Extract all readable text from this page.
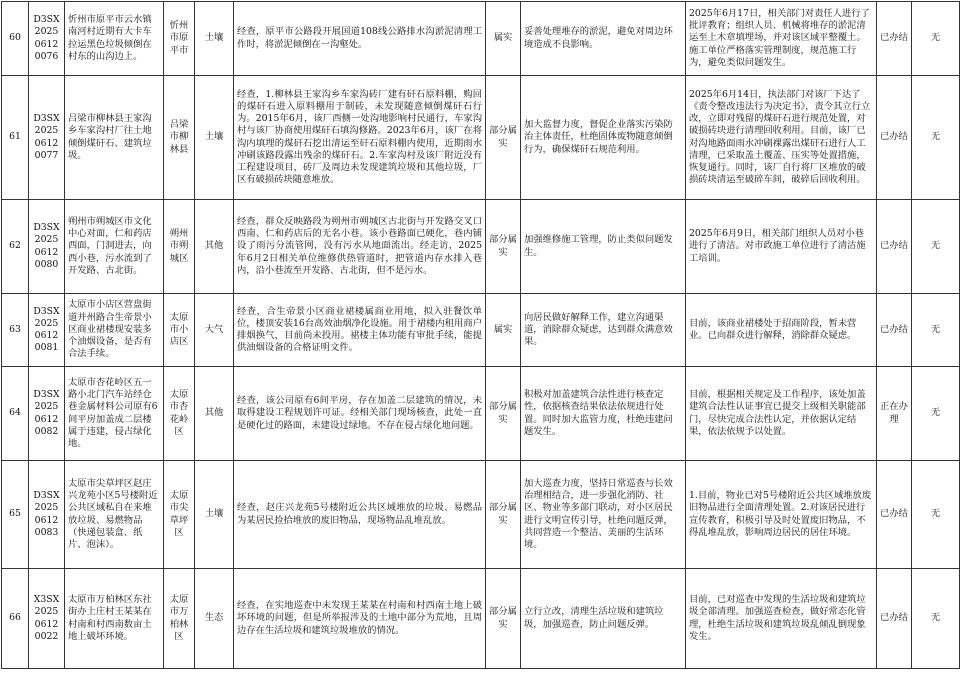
60	D3SX202506120076	忻州市原平市云水镇南河村近期有大卡车拉运黑色垃圾倾倒在村东的山沟边上。	忻州市原平市	土壤	经查，原平市公路段开展国道108线公路排水沟淤泥清理工作时，将淤泥倾倒在一沟壑处。	属实	妥善处理堆存的淤泥，避免对周边环境造成不良影响。	2025年6月17日，相关部门对责任人进行了批评教育；组织人员、机械将堆存的淤泥清运至上木章填埋场，并对该区域平整覆土。施工单位严格落实管理制度，规范施工行为，避免类似问题发生。	已办结	无
61	D3SX202506120077	吕梁市柳林县王家沟乡车家沟村厂往土地倾倒煤矸石、建筑垃圾。	吕梁市柳林县	土壤	经查，1.柳林县王家沟乡车家沟砖厂建有矸石原料棚，购回的煤矸石进入原料棚用于制砖，未发现随意倾倒煤矸石行为。2015年6月，该厂西侧一处沟地影响村民通行，车家沟村与该厂协商使用煤矸石填沟修路。2023年6月，该厂在将沟内填埋的煤矸石挖出清运至矸石原料棚内使用，近期雨水冲刷该路段露出残余的煤矸石。2.车家沟村及该厂附近没有工程建设项目，砖厂及周边未发现建筑垃圾和其他垃圾，厂区有破损砖块随意堆放。	部分属实	加大监督力度，督促企业落实污染防治主体责任，杜绝固体废物随意倾倒行为，确保煤矸石规范利用。	2025年6月14日，执法部门对该厂下达了《责令整改违法行为决定书》，责令其立行立改，立即对残留的煤矸石进行规范处置，对破损砖块进行清理回收利用。目前，该厂已对沟地路面雨水冲刷裸露出煤矸石进行人工清理，已采取盖土覆盖、压实等处置措施，恢复通行。同时，该厂自行将厂区堆放的破损砖块清运至破碎车间，破碎后回收利用。	已办结	无
62	D3SX202506120080	朔州市朔城区市文化中心对面，仁和药店西面，门洞进去，向西小巷，污水流到了开发路、古北街。	朔州市朔城区	其他	经查，群众反映路段为朔州市朔城区古北街与开发路交叉口西南、仁和药店后的无名小巷。该小巷路面已硬化，巷内铺设了雨污分流管网，没有污水从地面流出。经走访，2025年6月2日相关单位维修供热管道时，把管道内存水排入巷内，沿小巷流至开发路、古北街，但不是污水。	部分属实	加强维修施工管理，防止类似问题发生。	2025年6月9日，相关部门组织人员对小巷进行了清洁。对市政施工单位进行了清洁施工培训。	已办结	无
63	D3SX202506120081	太原市小店区营盘街道并州路合生帝景小区商业裙楼现安装多个油烟设备，是否有合法手续。	太原市小店区	大气	经查，合生帝景小区商业裙楼属商业用地，拟入驻餐饮单位，楼顶安装16台高效油烟净化设施。用于裙楼内租用商户排烟换气，目前尚未投用。裙楼主体功能有审批手续，能提供油烟设备的合格证明文件。	属实	向居民做好解释工作，建立沟通渠道，消除群众疑虑，达到群众满意效果。	目前，该商业裙楼处于招商阶段，暂未营业。已向群众进行解释，消除群众疑虑。	已办结	无
64	D3SX202506120082	太原市杏花岭区五一路小北门汽车站经仓巷金属材料公司原有6间平房加盖成二层楼属于违建，侵占绿化地。	太原市杏花岭区	其他	经查，该公司原有6间平房，存在加盖二层建筑的情况，未取得建设工程规划许可证。经相关部门现场核查，此处一直是硬化过的路面，未建设过绿地。不存在侵占绿化地问题。	部分属实	积极对加盖建筑合法性进行核查定性，依据核查结果依法依规进行处置。同时加大监管力度，杜绝违建问题发生。	目前，根据相关规定及工作程序，该处加盖建筑合法性认证事宜已提交上级相关职能部门，尽快完成合法性认定，并依据认定结果，依法依规予以处置。	正在办理	无
65	D3SX202506120083	太原市尖草坪区赵庄兴龙苑小区5号楼附近公共区域私自在来堆放垃圾、易燃物品（快递包装盒、纸片、泡沫）。	太原市尖草坪区	土壤	经查，赵庄兴龙苑5号楼附近公共区域堆放的垃圾、易燃品为某居民捡拾堆放的废旧物品，现场物品乱堆乱放。	部分属实	加大巡查力度，坚持日常巡查与长效治理相结合，进一步强化消防、社区、物业等多部门联动，对小区居民进行文明宣传引导，杜绝问题反弹，共同营造一个整洁、美丽的生活环境。	1.目前，物业已对5号楼附近公共区域堆放废旧物品进行全面清理处置。2.对该居民进行宣传教育，积极引导及时处置废旧物品，不得乱堆乱放，影响周边居民的居住环境。	已办结	无
66	X3SX202506120022	太原市万柏林区东社街办上庄村王某某在村南和村西南数亩土地上破坏环境。	太原市万柏林区	生态	经查，在实地巡查中未发现王某某在村南和村西南土地上破坏环境的问题，但是所举报涉及的土地中部分为荒地，且周边存在生活垃圾和建筑垃圾堆放的情况。	部分属实	立行立改，清理生活垃圾和建筑垃圾，加强巡查，防止问题反弹。	目前，已对巡查中发现的生活垃圾和建筑垃圾全部清理。加强巡查检查，做好常态化管理，杜绝生活垃圾和建筑垃圾乱倾乱倒现象发生。	已办结	无
